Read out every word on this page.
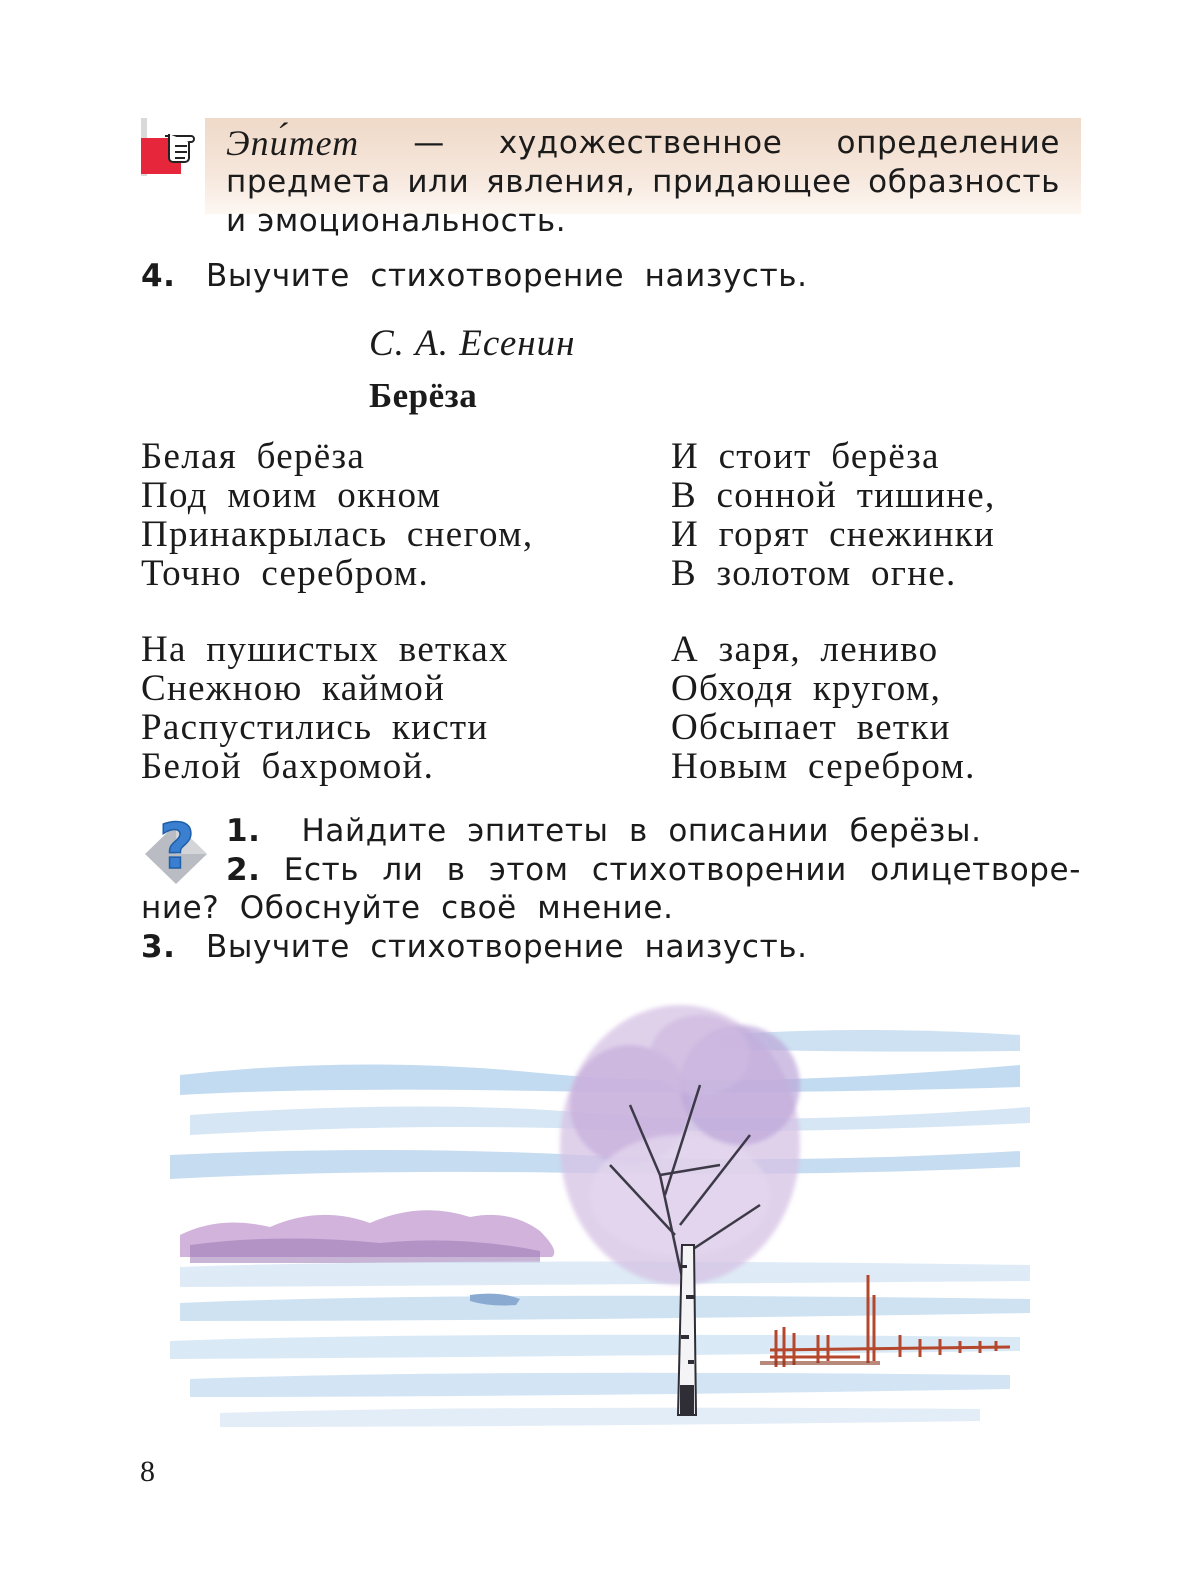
Эпи́тет — художественное определение
предмета или явления, придающее образность
и эмоциональность.
4. Выучите стихотворение наизусть.
С. А. Есенин
Берёза
Белая берёза
Под моим окном
Принакрылась снегом,
Точно серебром.
На пушистых ветках
Снежною каймой
Распустились кисти
Белой бахромой.
И стоит берёза
В сонной тишине,
И горят снежинки
В золотом огне.
А заря, лениво
Обходя кругом,
Обсыпает ветки
Новым серебром.
?	1. Найдите эпитеты в описании берёзы.
2. Есть ли в этом стихотворении олицетворе-
ние? Обоснуйте своё мнение.
3. Выучите стихотворение наизусть.
8
